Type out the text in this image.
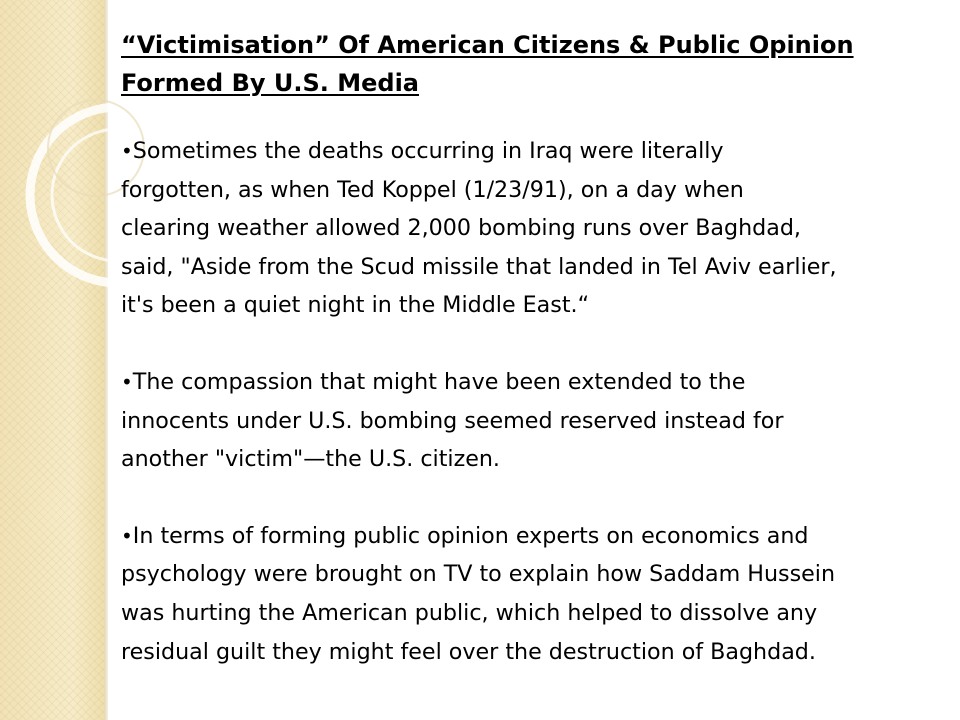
“Victimisation” Of American Citizens & Public Opinion
Formed By U.S. Media
•Sometimes the deaths occurring in Iraq were literally
forgotten, as when Ted Koppel (1/23/91), on a day when
clearing weather allowed 2,000 bombing runs over Baghdad,
said, "Aside from the Scud missile that landed in Tel Aviv earlier,
it's been a quiet night in the Middle East.“
•The compassion that might have been extended to the
innocents under U.S. bombing seemed reserved instead for
another "victim"—the U.S. citizen.
•In terms of forming public opinion experts on economics and
psychology were brought on TV to explain how Saddam Hussein
was hurting the American public, which helped to dissolve any
residual guilt they might feel over the destruction of Baghdad.
